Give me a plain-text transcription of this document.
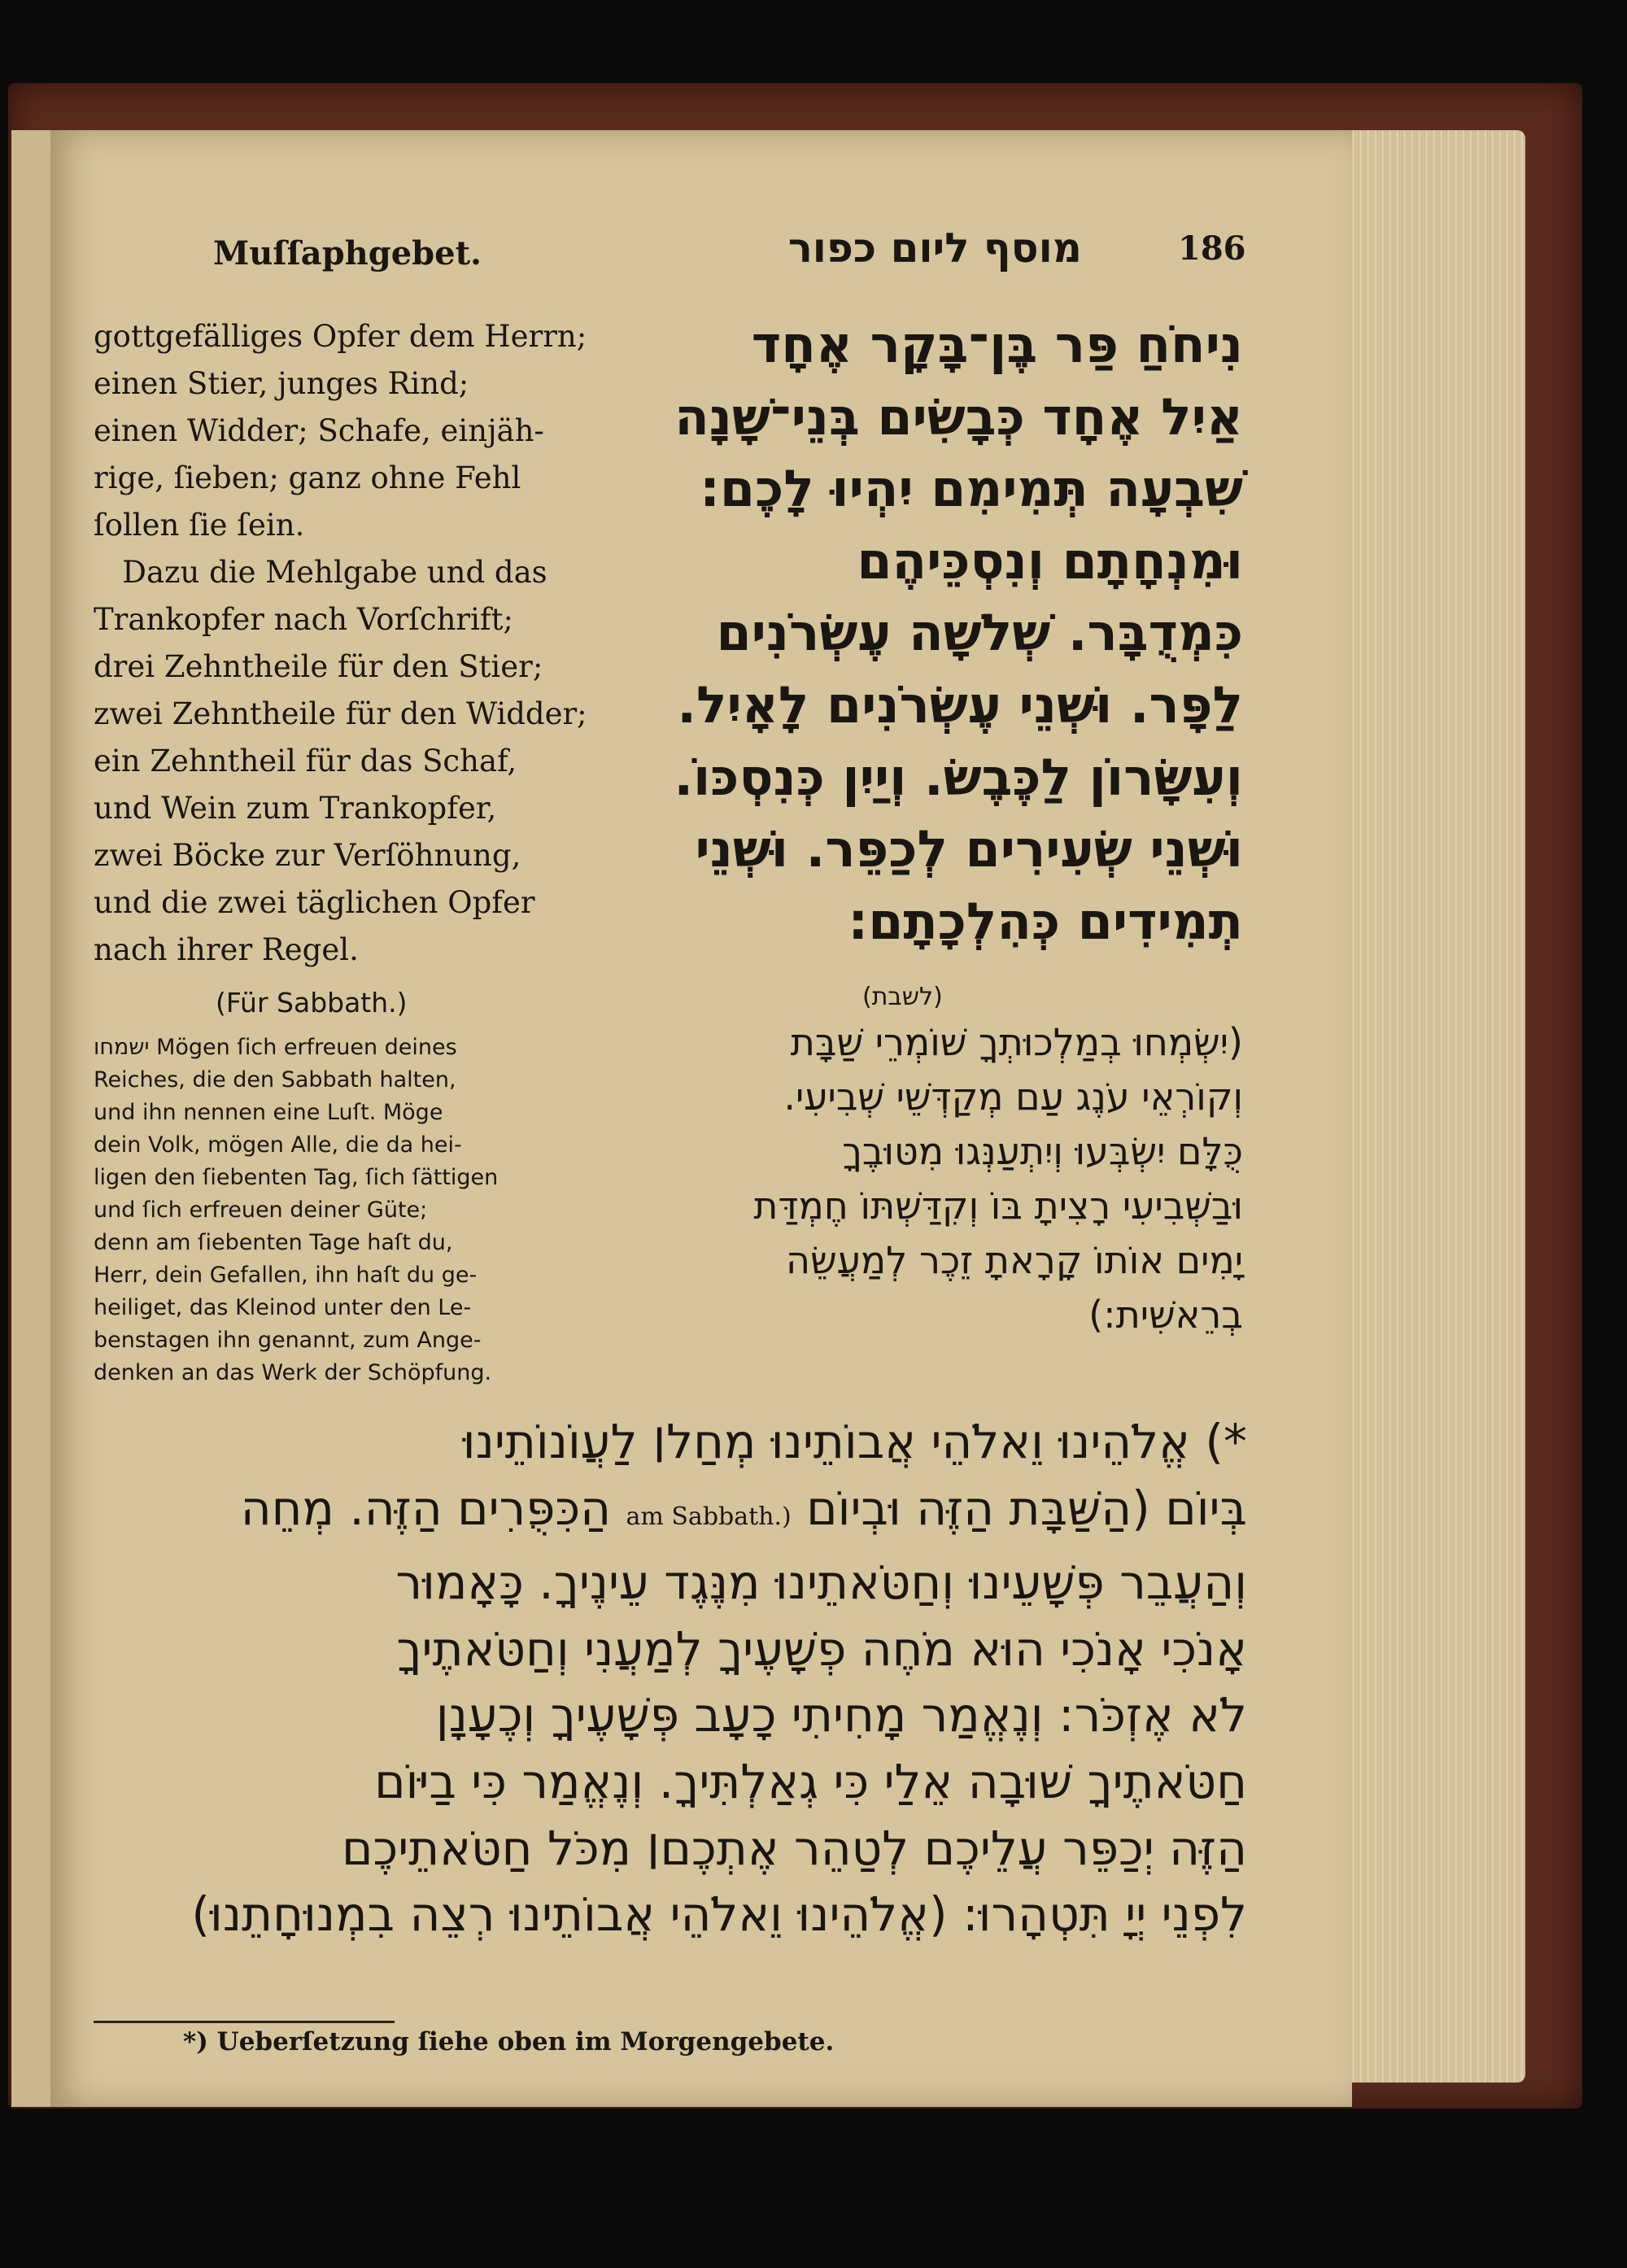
Muſſaphgebet.	מוסף ליום כפור	186
gottgefälliges Opfer dem Herrn;
einen Stier, junges Rind;
einen Widder; Schafe, einjäh-
rige, ſieben; ganz ohne Fehl
ſollen ſie ſein.
Dazu die Mehlgabe und das
Trankopfer nach Vorſchrift;
drei Zehntheile für den Stier;
zwei Zehntheile für den Widder;
ein Zehntheil für das Schaf,
und Wein zum Trankopfer,
zwei Böcke zur Verſöhnung,
und die zwei täglichen Opfer
nach ihrer Regel.
(Für Sabbath.)
ישמחו Mögen ſich erfreuen deines
Reiches, die den Sabbath halten,
und ihn nennen eine Luſt. Möge
dein Volk, mögen Alle, die da hei-
ligen den ſiebenten Tag, ſich ſättigen
und ſich erfreuen deiner Güte;
denn am ſiebenten Tage haſt du,
Herr, dein Gefallen, ihn haſt du ge-
heiliget, das Kleinod unter den Le-
benstagen ihn genannt, zum Ange-
denken an das Werk der Schöpfung.
נִיחֹחַ פַּר בֶּן־בָּקָר אֶחָד
אַיִל אֶחָד כְּבָשִׂים בְּנֵי־שָׁנָה
שִׁבְעָה תְּמִימִם יִהְיוּ לָכֶם:
וּמִנְחָתָם וְנִסְכֵּיהֶם
כִּמְדֻבָּר. שְׁלשָׁה עֶשְׂרֹנִים
לַפָּר. וּשְׁנֵי עֶשְׂרֹנִים לָאָיִל.
וְעִשָּׂרוֹן לַכֶּבֶשׂ. וְיַיִן כְּנִסְכּוֹ.
וּשְׁנֵי שְׂעִירִים לְכַפֵּר. וּשְׁנֵי
תְמִידִים כְּהִלְכָתָם:
(לשבת)
(יִשְׂמְחוּ בְמַלְכוּתְךָ שׁוֹמְרֵי שַׁבָּת
וְקוֹרְאֵי עֹנֶג עַם מְקַדְּשֵׁי שְׁבִיעִי.
כֻּלָּם יִשְׂבְּעוּ וְיִתְעַנְּגוּ מִטּוּבֶךָ
וּבַשְּׁבִיעִי רָצִיתָ בּוֹ וְקִדַּשְׁתּוֹ חֶמְדַּת
יָמִים אוֹתוֹ קָרָאתָ זֵכֶר לְמַעֲשֵׂה
בְרֵאשִׁית:)
*) אֱלֹהֵינוּ וֵאלֹהֵי אֲבוֹתֵינוּ מְחַל׀ לַעֲוֹנוֹתֵינוּ
בְּיוֹם (הַשַּׁבָּת הַזֶּה וּבְיוֹם am Sabbath.) הַכִּפֻּרִים הַזֶּה. מְחֵה
וְהַעֲבֵר פְּשָׁעֵינוּ וְחַטֹּאתֵינוּ מִנֶּגֶד עֵינֶיךָ. כָּאָמוּר
אָנֹכִי אָנֹכִי הוּא מֹחֶה פְשָׁעֶיךָ לְמַעֲנִי וְחַטֹּאתֶיךָ
לֹא אֶזְכֹּר: וְנֶאֱמַר מָחִיתִי כָעָב פְּשָׁעֶיךָ וְכֶעָנָן
חַטֹּאתֶיךָ שׁוּבָה אֵלַי כִּי גְאַלְתִּיךָ. וְנֶאֱמַר כִּי בַיּוֹם
הַזֶּה יְכַפֵּר עֲלֵיכֶם לְטַהֵר אֶתְכֶם׀ מִכֹּל חַטֹּאתֵיכֶם
לִפְנֵי יְיָ תִּטְהָרוּ: (אֱלֹהֵינוּ וֵאלֹהֵי אֲבוֹתֵינוּ רְצֵה בִמְנוּחָתֵנוּ)
*) Ueberſetzung ſiehe oben im Morgengebete.
